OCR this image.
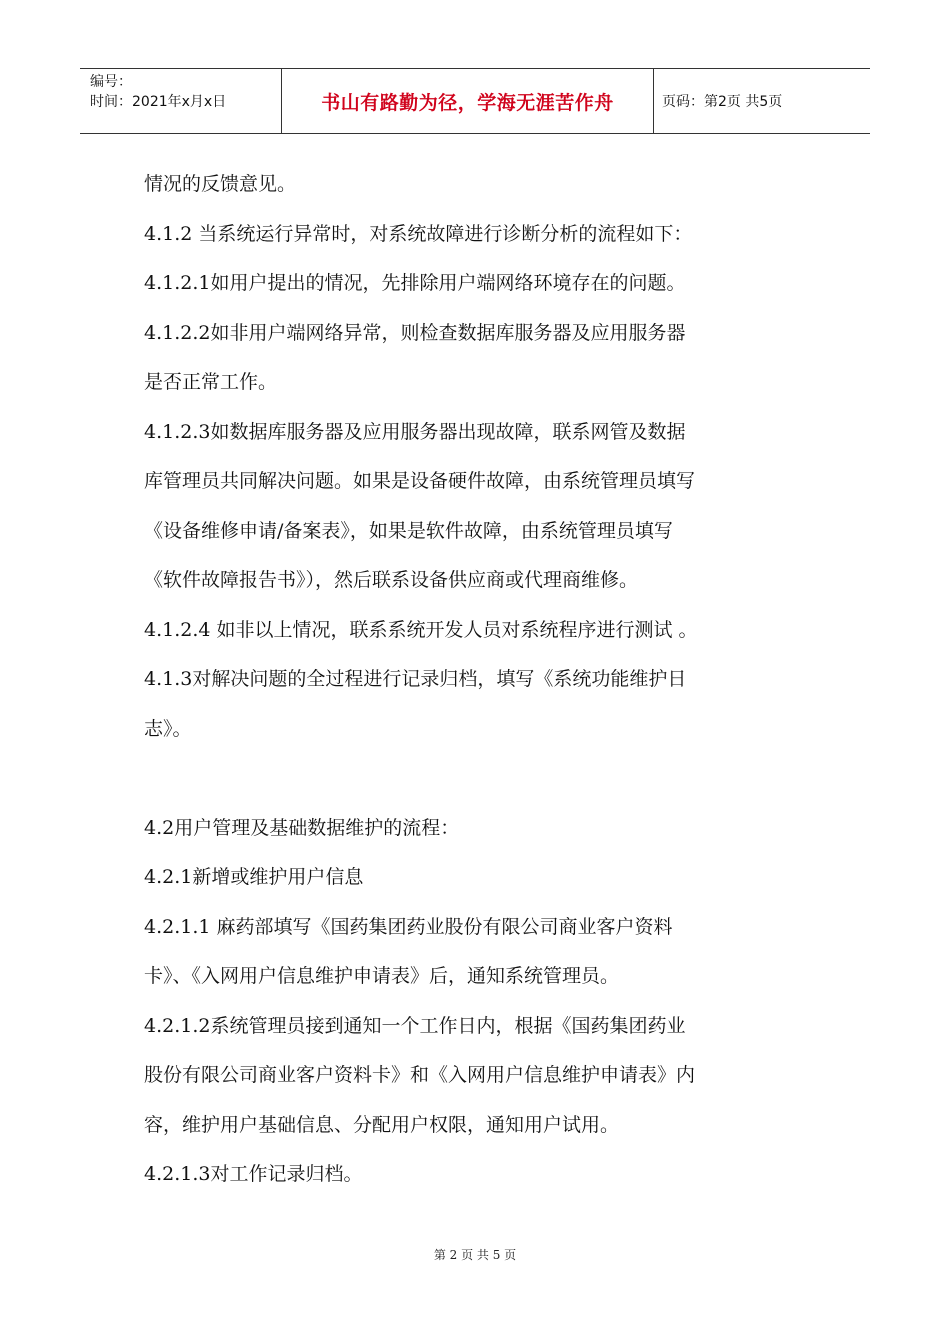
编号：
时间：2021年x月x日	书山有路勤为径，学海无涯苦作舟	页码：第2页 共5页

情况的反馈意见。

4.1.2 当系统运行异常时，对系统故障进行诊断分析的流程如下：

4.1.2.1如用户提出的情况，先排除用户端网络环境存在的问题。

4.1.2.2如非用户端网络异常，则检查数据库服务器及应用服务器

是否正常工作。

4.1.2.3如数据库服务器及应用服务器出现故障，联系网管及数据

库管理员共同解决问题。如果是设备硬件故障，由系统管理员填写

《设备维修申请/备案表》，如果是软件故障，由系统管理员填写

《软件故障报告书》），然后联系设备供应商或代理商维修。

4.1.2.4 如非以上情况，联系系统开发人员对系统程序进行测试 。

4.1.3对解决问题的全过程进行记录归档，填写《系统功能维护日

志》。

4.2用户管理及基础数据维护的流程：

4.2.1新增或维护用户信息

4.2.1.1 麻药部填写《国药集团药业股份有限公司商业客户资料

卡》、《入网用户信息维护申请表》后，通知系统管理员。

4.2.1.2系统管理员接到通知一个工作日内，根据《国药集团药业

股份有限公司商业客户资料卡》和《入网用户信息维护申请表》内

容，维护用户基础信息、分配用户权限，通知用户试用。

4.2.1.3对工作记录归档。

第 2 页 共 5 页
